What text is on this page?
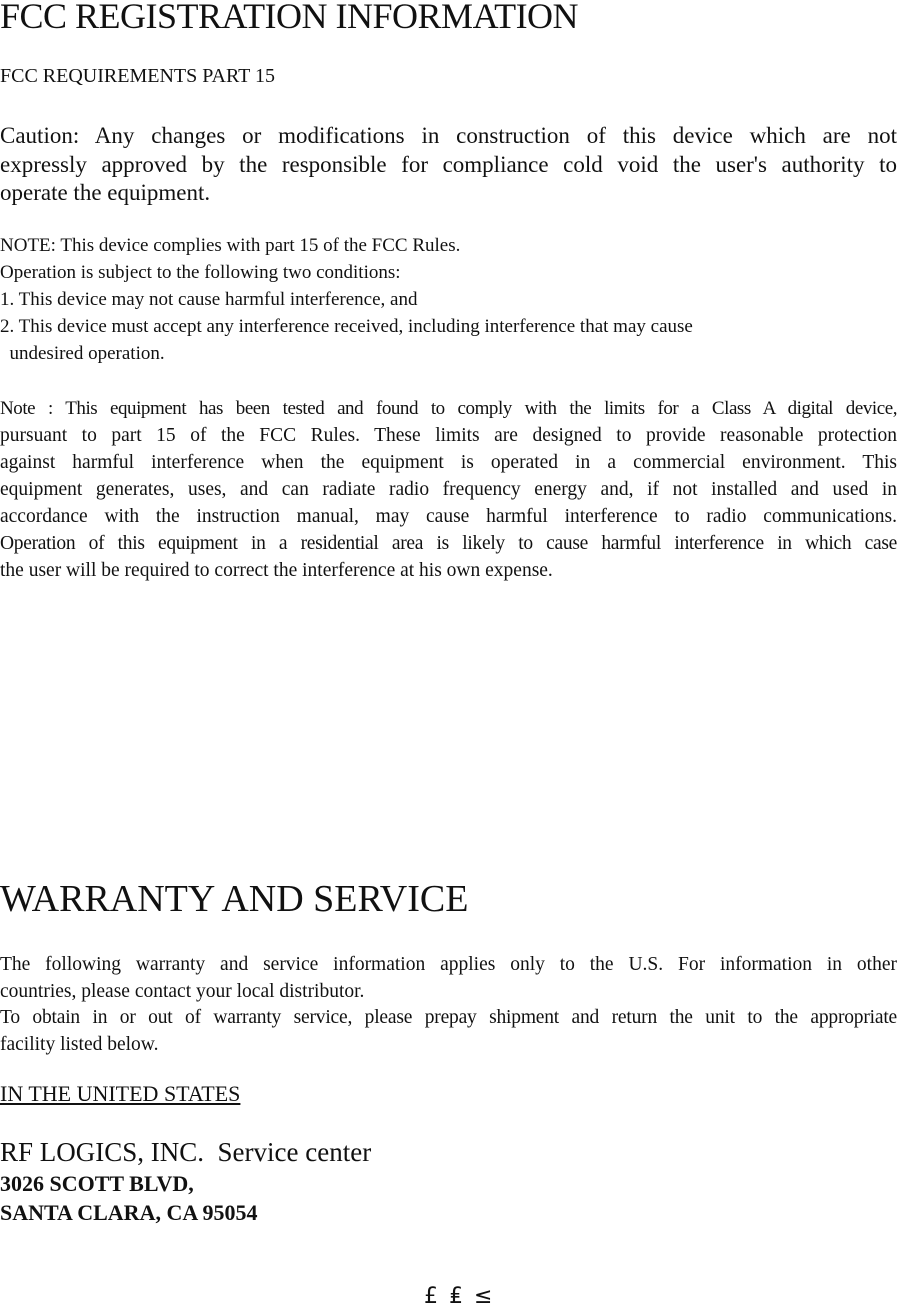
FCC REGISTRATION INFORMATION
FCC REQUIREMENTS PART 15
Caution: Any changes or modifications in construction of this device which are not
expressly approved by the responsible for compliance cold void the user's authority to
operate the equipment.
NOTE: This device complies with part 15 of the FCC Rules.
Operation is subject to the following two conditions:
1. This device may not cause harmful interference, and
2. This device must accept any interference received, including interference that may cause
undesired operation.
Note : This equipment has been tested and found to comply with the limits for a Class A digital device,
pursuant to part 15 of the FCC Rules. These limits are designed to provide reasonable protection
against harmful interference when the equipment is operated in a commercial environment. This
equipment generates, uses, and can radiate radio frequency energy and, if not installed and used in
accordance with the instruction manual, may cause harmful interference to radio communications.
Operation of this equipment in a residential area is likely to cause harmful interference in which case
the user will be required to correct the interference at his own expense.
WARRANTY AND SERVICE
The following warranty and service information applies only to the U.S. For information in other
countries, please contact your local distributor.
To obtain in or out of warranty service, please prepay shipment and return the unit to the appropriate
facility listed below.
IN THE UNITED STATES
RF LOGICS, INC.  Service center
3026 SCOTT BLVD,
SANTA CLARA, CA 95054
£ ₤ ≤
